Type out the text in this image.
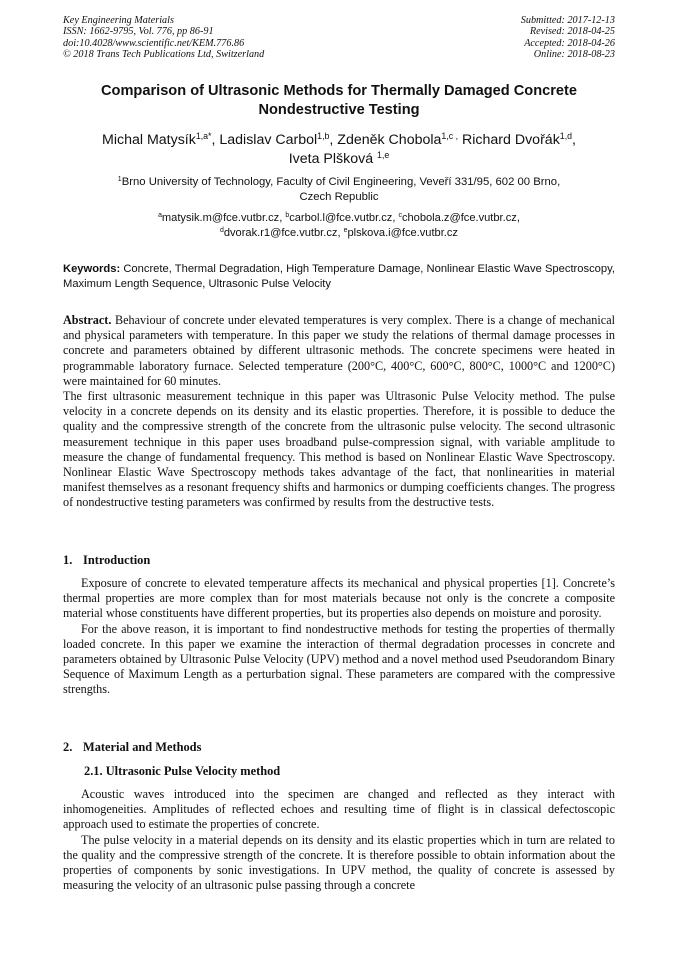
Key Engineering Materials
ISSN: 1662-9795, Vol. 776, pp 86-91
doi:10.4028/www.scientific.net/KEM.776.86
© 2018 Trans Tech Publications Ltd, Switzerland
Submitted: 2017-12-13
Revised: 2018-04-25
Accepted: 2018-04-26
Online: 2018-08-23
Comparison of Ultrasonic Methods for Thermally Damaged Concrete
Nondestructive Testing
Michal Matysík$^{1,a*}$, Ladislav Carbol$^{1,b}$, Zdeněk Chobola$^{1,c}$ , Richard Dvořák$^{1,d}$,
Iveta Plšková $^{1,e}$
$^1$Brno University of Technology, Faculty of Civil Engineering, Veveří 331/95, 602 00 Brno,
Czech Republic
$^a$matysik.m@fce.vutbr.cz, $^b$carbol.l@fce.vutbr.cz, $^c$chobola.z@fce.vutbr.cz,
$^d$dvorak.r1@fce.vutbr.cz, $^e$plskova.i@fce.vutbr.cz
Keywords: Concrete, Thermal Degradation, High Temperature Damage, Nonlinear Elastic Wave Spectroscopy, Maximum Length Sequence, Ultrasonic Pulse Velocity

Abstract. Behaviour of concrete under elevated temperatures is very complex. There is a change of mechanical and physical parameters with temperature. In this paper we study the relations of thermal damage processes in concrete and parameters obtained by different ultrasonic methods. The concrete specimens were heated in programmable laboratory furnace. Selected temperature (200°C, 400°C, 600°C, 800°C, 1000°C and 1200°C) were maintained for 60 minutes.

The first ultrasonic measurement technique in this paper was Ultrasonic Pulse Velocity method. The pulse velocity in a concrete depends on its density and its elastic properties. Therefore, it is possible to deduce the quality and the compressive strength of the concrete from the ultrasonic pulse velocity. The second ultrasonic measurement technique in this paper uses broadband pulse-compression signal, with variable amplitude to measure the change of fundamental frequency. This method is based on Nonlinear Elastic Wave Spectroscopy. Nonlinear Elastic Wave Spectroscopy methods takes advantage of the fact, that nonlinearities in material manifest themselves as a resonant frequency shifts and harmonics or dumping coefficients changes. The progress of nondestructive testing parameters was confirmed by results from the destructive tests.

1. Introduction

Exposure of concrete to elevated temperature affects its mechanical and physical properties [1]. Concrete’s thermal properties are more complex than for most materials because not only is the concrete a composite material whose constituents have different properties, but its properties also depends on moisture and porosity.

For the above reason, it is important to find nondestructive methods for testing the properties of thermally loaded concrete. In this paper we examine the interaction of thermal degradation processes in concrete and parameters obtained by Ultrasonic Pulse Velocity (UPV) method and a novel method used Pseudorandom Binary Sequence of Maximum Length as a perturbation signal. These parameters are compared with the compressive strengths.

2. Material and Methods
2.1. Ultrasonic Pulse Velocity method

Acoustic waves introduced into the specimen are changed and reflected as they interact with inhomogeneities. Amplitudes of reflected echoes and resulting time of flight is in classical defectoscopic approach used to estimate the properties of concrete.

The pulse velocity in a material depends on its density and its elastic properties which in turn are related to the quality and the compressive strength of the concrete. It is therefore possible to obtain information about the properties of components by sonic investigations. In UPV method, the quality of concrete is assessed by measuring the velocity of an ultrasonic pulse passing through a concrete
